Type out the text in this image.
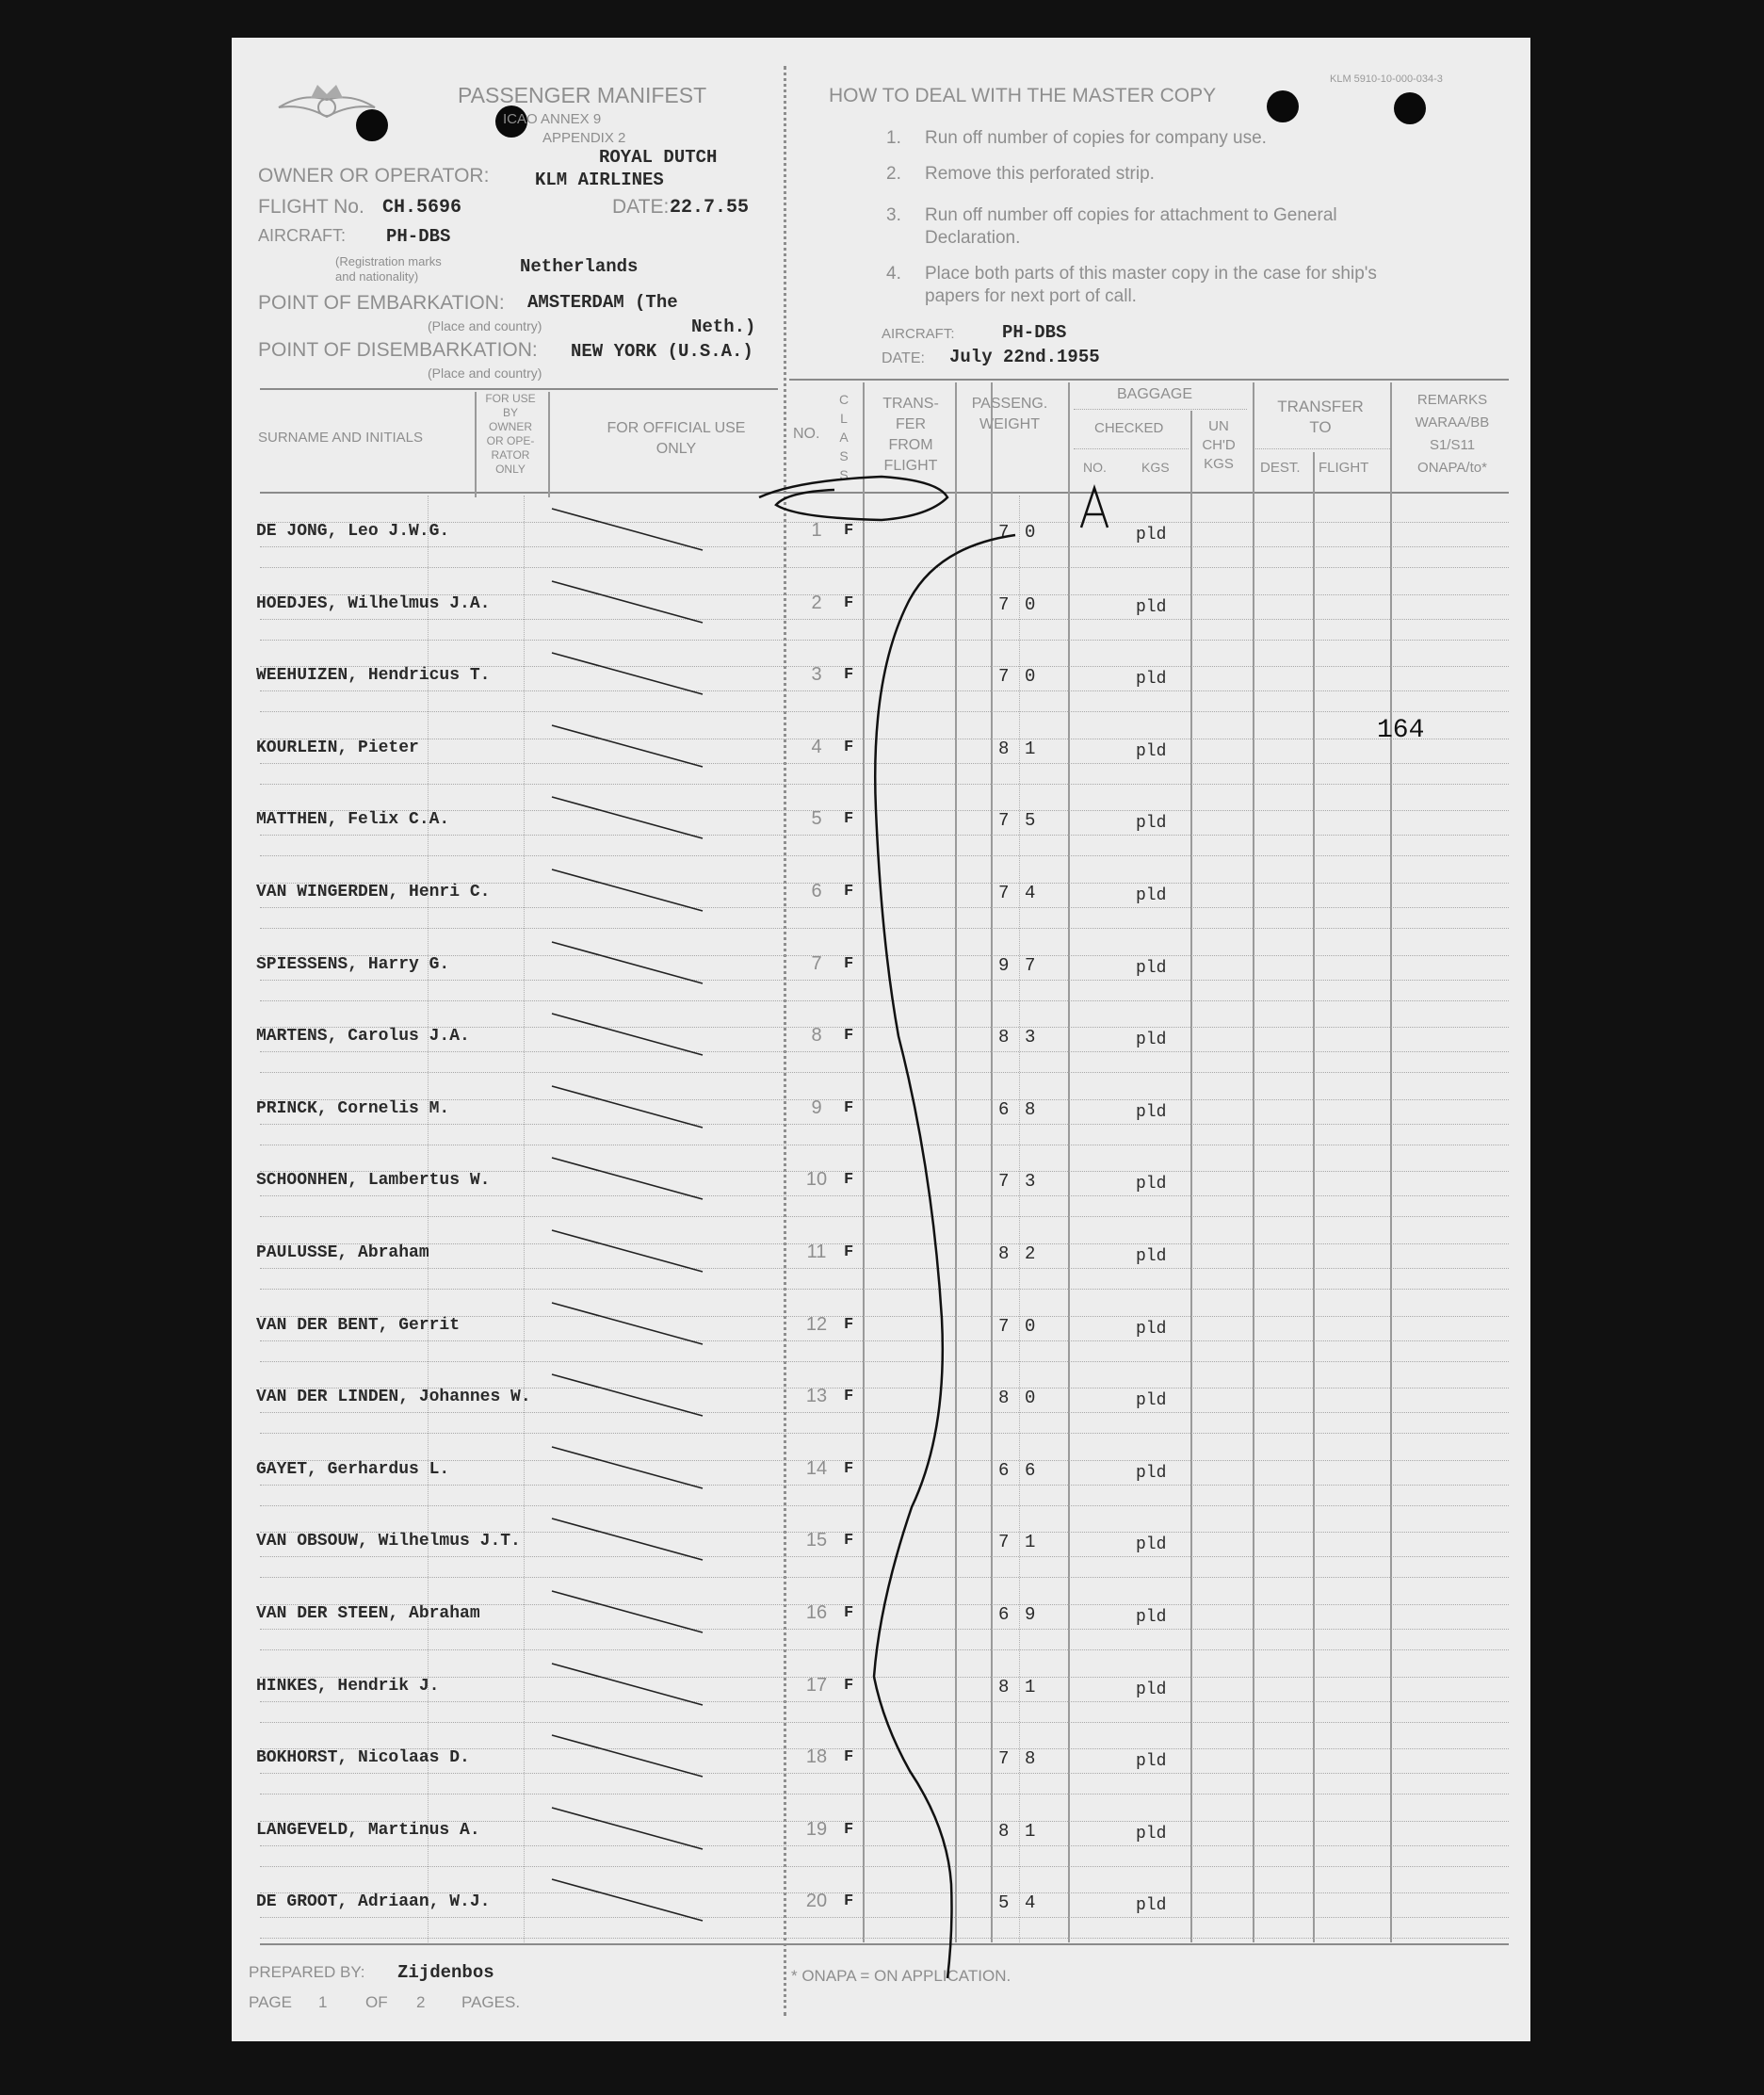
KLM 5910-10-000-034-3
PASSENGER MANIFEST
ICAO ANNEX 9
APPENDIX 2
OWNER OR OPERATOR:
ROYAL DUTCH
KLM AIRLINES
FLIGHT No. CH.5696	DATE: 22.7.55
AIRCRAFT: PH-DBS
(Registration marks
and nationality)	Netherlands
POINT OF EMBARKATION: AMSTERDAM (The
Neth.)
(Place and country)
POINT OF DISEMBARKATION: NEW YORK (U.S.A.)
(Place and country)
HOW TO DEAL WITH THE MASTER COPY
1. Run off number of copies for company use.
2. Remove this perforated strip.
3. Run off number off copies for attachment to General
Declaration.
4. Place both parts of this master copy in the case for ship's
papers for next port of call.
AIRCRAFT:	PH-DBS
DATE: July 22nd.1955
SURNAME AND INITIALS
FOR USE
BY
OWNER
OR OPE-
RATOR
ONLY
FOR OFFICIAL USE
ONLY
NO.
C
L
A
S
S
TRANS-
FER
FROM
FLIGHT
PASSENG.
WEIGHT
BAGGAGE
CHECKED
NO.	KGS
UN
CH'D
KGS
TRANSFER
TO
DEST. FLIGHT
REMARKS
WARAA/BB
S1/S11
ONAPA/to*
DE JONG, Leo J.W.G.	1	F	7 0	pld
HOEDJES, Wilhelmus J.A.	2	F	7 0	pld
WEEHUIZEN, Hendricus T.	3	F	7 0	pld
KOURLEIN, Pieter	4	F	8 1	pld
MATTHEN, Felix C.A.	5	F	7 5	pld
VAN WINGERDEN, Henri C.	6	F	7 4	pld
SPIESSENS, Harry G.	7	F	9 7	pld
MARTENS, Carolus J.A.	8	F	8 3	pld
PRINCK, Cornelis M.	9	F	6 8	pld
SCHOONHEN, Lambertus W.	10	F	7 3	pld
PAULUSSE, Abraham	11	F	8 2	pld
VAN DER BENT, Gerrit	12	F	7 0	pld
VAN DER LINDEN, Johannes W.	13	F	8 0	pld
GAYET, Gerhardus L.	14	F	6 6	pld
VAN OBSOUW, Wilhelmus J.T.	15	F	7 1	pld
VAN DER STEEN, Abraham	16	F	6 9	pld
HINKES, Hendrik J.	17	F	8 1	pld
BOKHORST, Nicolaas D.	18	F	7 8	pld
LANGEVELD, Martinus A.	19	F	8 1	pld
DE GROOT, Adriaan, W.J.	20	F	5 4	pld
164
PREPARED BY: Zijdenbos
PAGE 1 OF 2 PAGES.
* ONAPA = ON APPLICATION.
